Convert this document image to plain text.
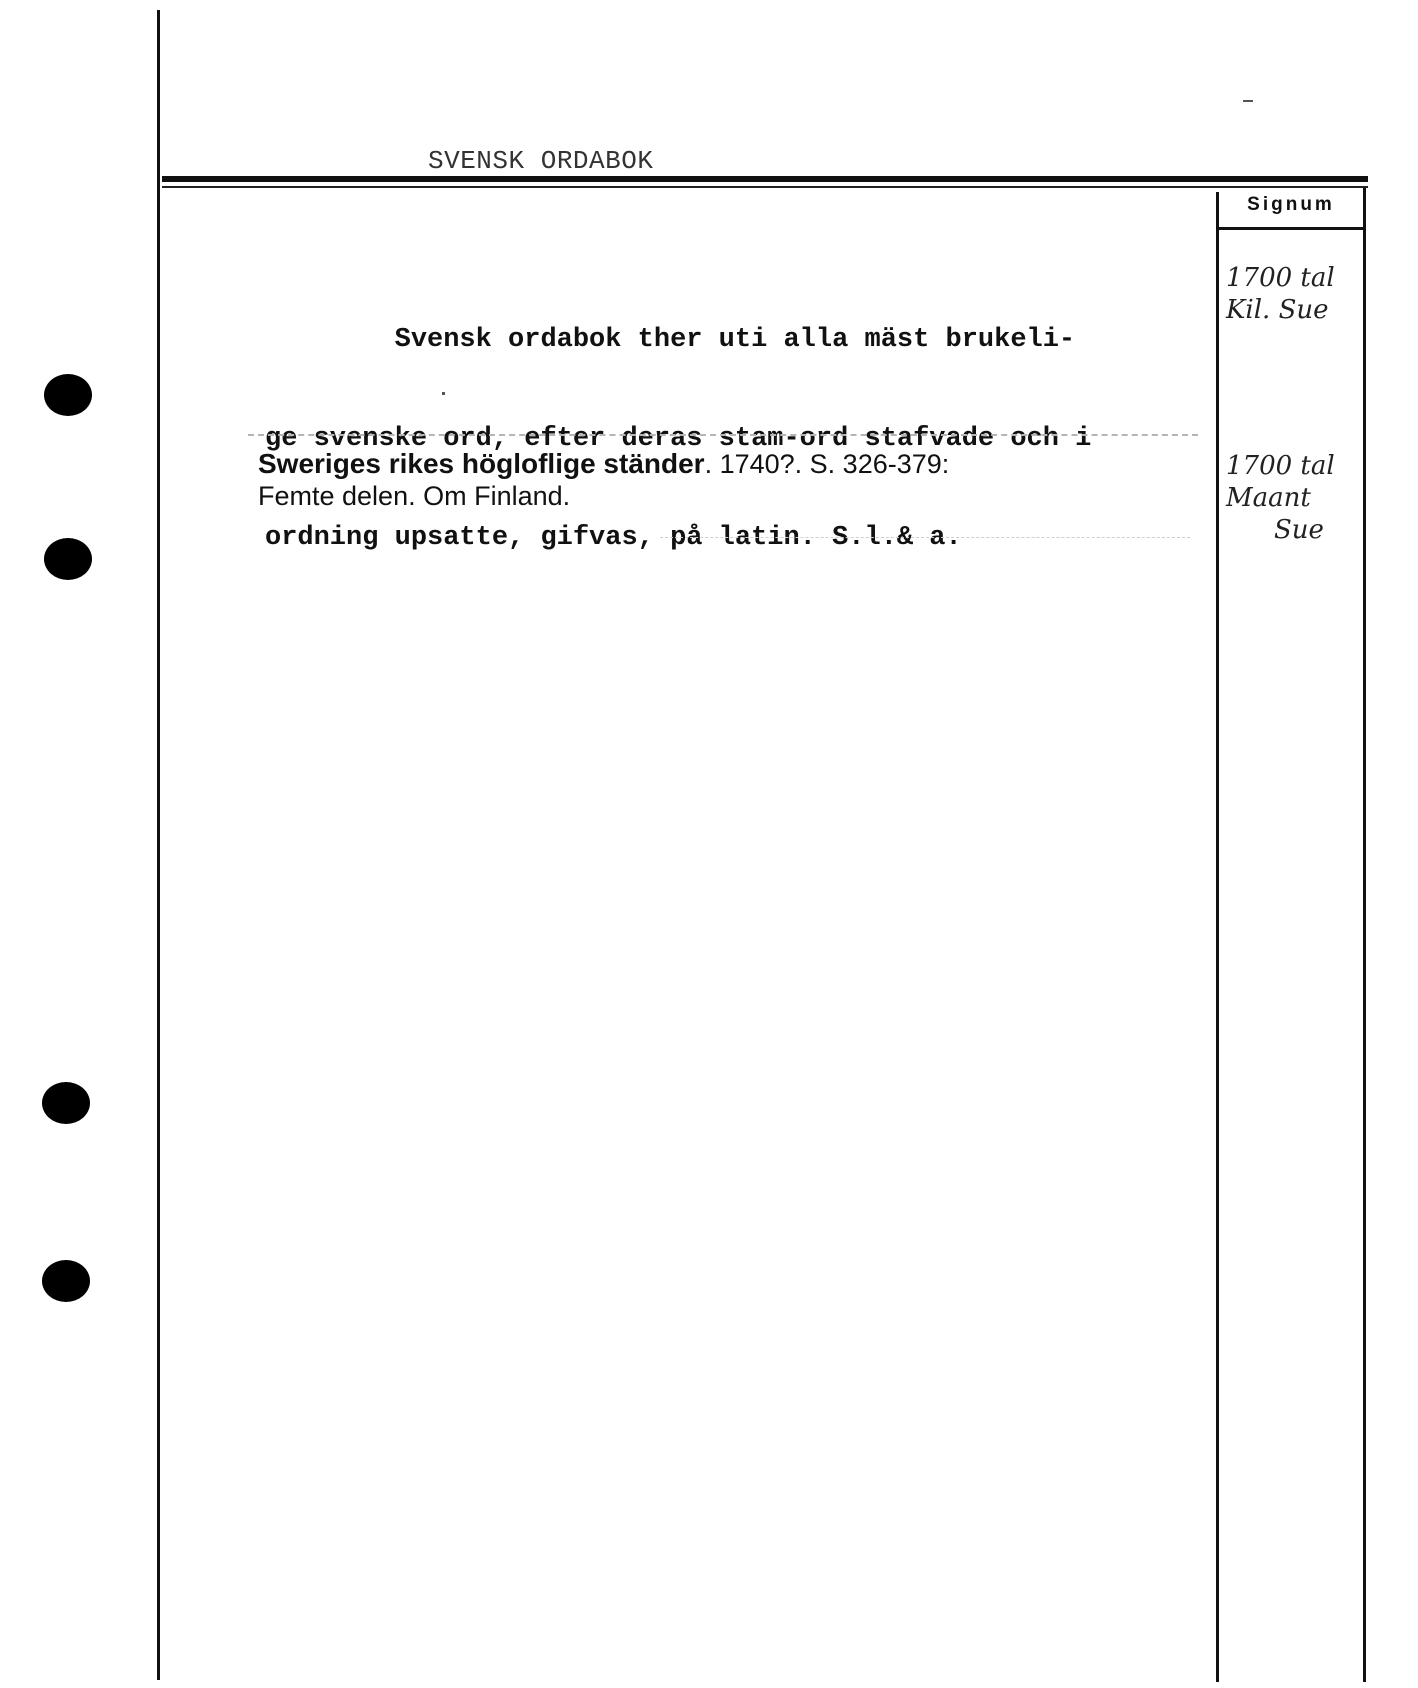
SVENSK ORDABOK
Signum

Svensk ordabok ther uti alla mäst brukeli-

ge svenske ord, efter deras stam-ord stafvade och i

ordning upsatte, gifvas, på latin. S.l.& a.

1700 tal
Kil. Sue
Sweriges rikes högloflige ständer. 1740?. S. 326-379:
Femte delen. Om Finland.
1700 tal
Maant
Sue
